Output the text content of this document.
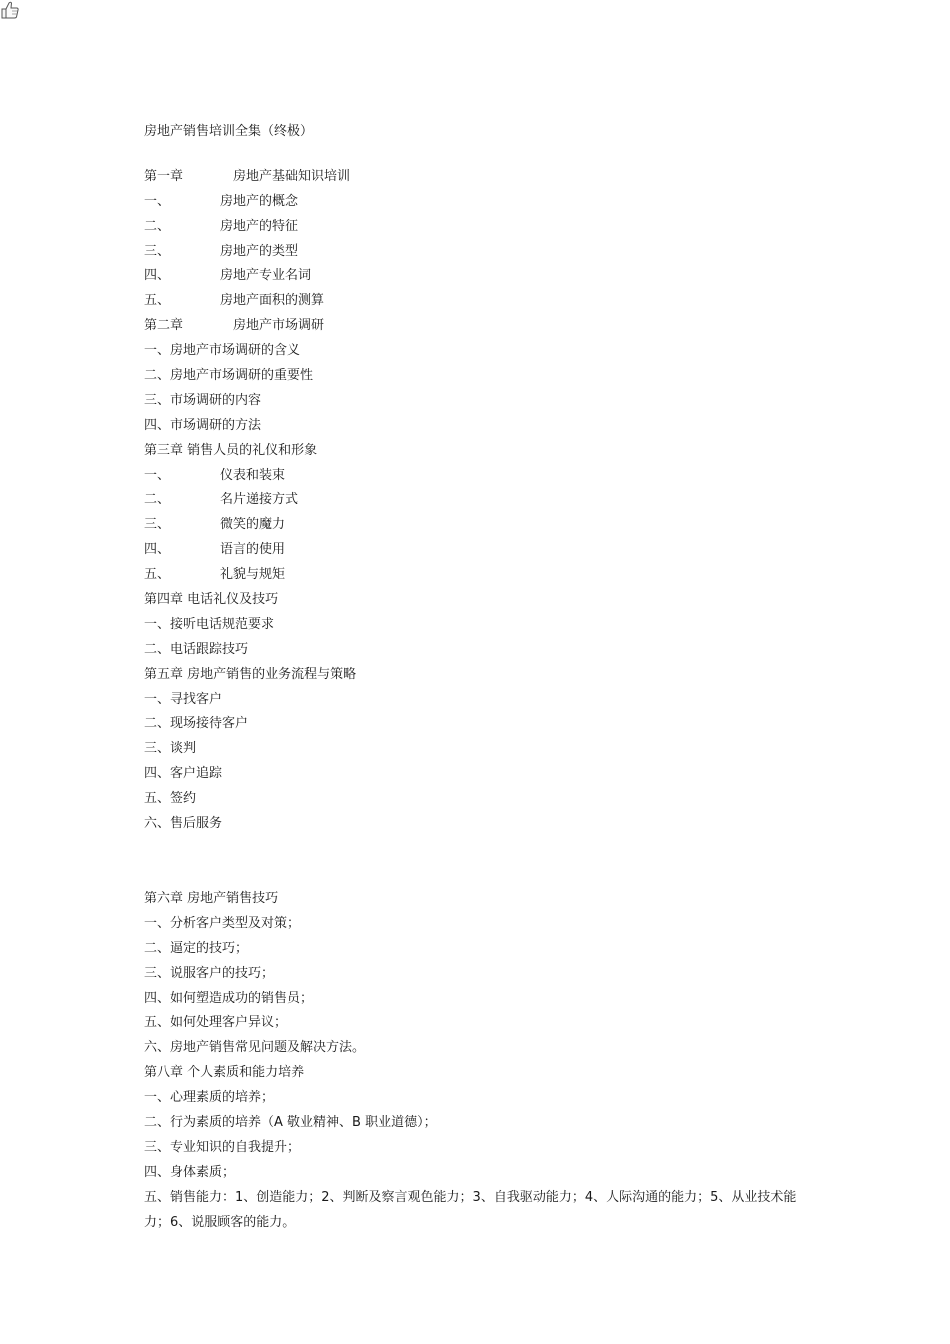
房地产销售培训全集（终极）
第一章	房地产基础知识培训
一、	房地产的概念
二、	房地产的特征
三、	房地产的类型
四、	房地产专业名词
五、	房地产面积的测算
第二章	房地产市场调研
一、房地产市场调研的含义
二、房地产市场调研的重要性
三、市场调研的内容
四、市场调研的方法
第三章 销售人员的礼仪和形象
一、	仪表和装束
二、	名片递接方式
三、	微笑的魔力
四、	语言的使用
五、	礼貌与规矩
第四章 电话礼仪及技巧
一、接听电话规范要求
二、电话跟踪技巧
第五章 房地产销售的业务流程与策略
一、寻找客户
二、现场接待客户
三、谈判
四、客户追踪
五、签约
六、售后服务
第六章 房地产销售技巧
一、分析客户类型及对策；
二、逼定的技巧；
三、说服客户的技巧；
四、如何塑造成功的销售员；
五、如何处理客户异议；
六、房地产销售常见问题及解决方法。
第八章 个人素质和能力培养
一、心理素质的培养；
二、行为素质的培养（A 敬业精神、B 职业道德）；
三、专业知识的自我提升；
四、身体素质；
五、销售能力：1、创造能力；2、判断及察言观色能力；3、自我驱动能力；4、人际沟通的能力；5、从业技术能力；6、说服顾客的能力。
